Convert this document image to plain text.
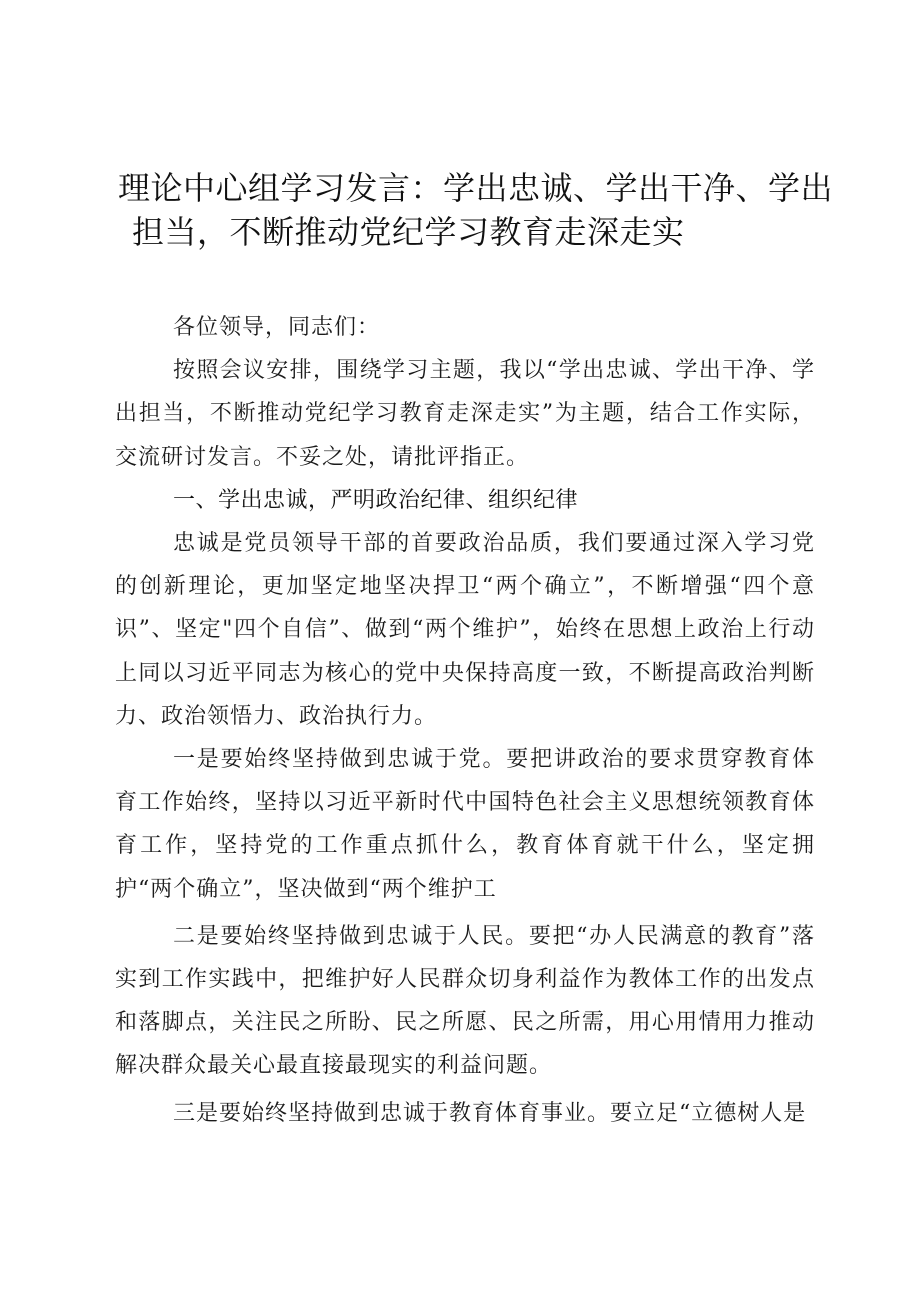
理论中心组学习发言：学出忠诚、学出干净、学出
担当，不断推动党纪学习教育走深走实

各位领导，同志们：

按照会议安排，围绕学习主题，我以“学出忠诚、学出干净、学出担当，不断推动党纪学习教育走深走实”为主题，结合工作实际，交流研讨发言。不妥之处，请批评指正。

一、学出忠诚，严明政治纪律、组织纪律

忠诚是党员领导干部的首要政治品质，我们要通过深入学习党的创新理论，更加坚定地坚决捍卫“两个确立”，不断增强“四个意识”、坚定"四个自信”、做到“两个维护”，始终在思想上政治上行动上同以习近平同志为核心的党中央保持高度一致，不断提高政治判断力、政治领悟力、政治执行力。

一是要始终坚持做到忠诚于党。要把讲政治的要求贯穿教育体育工作始终，坚持以习近平新时代中国特色社会主义思想统领教育体育工作，坚持党的工作重点抓什么，教育体育就干什么，坚定拥护“两个确立”，坚决做到“两个维护工

二是要始终坚持做到忠诚于人民。要把“办人民满意的教育”落实到工作实践中，把维护好人民群众切身利益作为教体工作的出发点和落脚点，关注民之所盼、民之所愿、民之所需，用心用情用力推动解决群众最关心最直接最现实的利益问题。

三是要始终坚持做到忠诚于教育体育事业。要立足“立德树人是
